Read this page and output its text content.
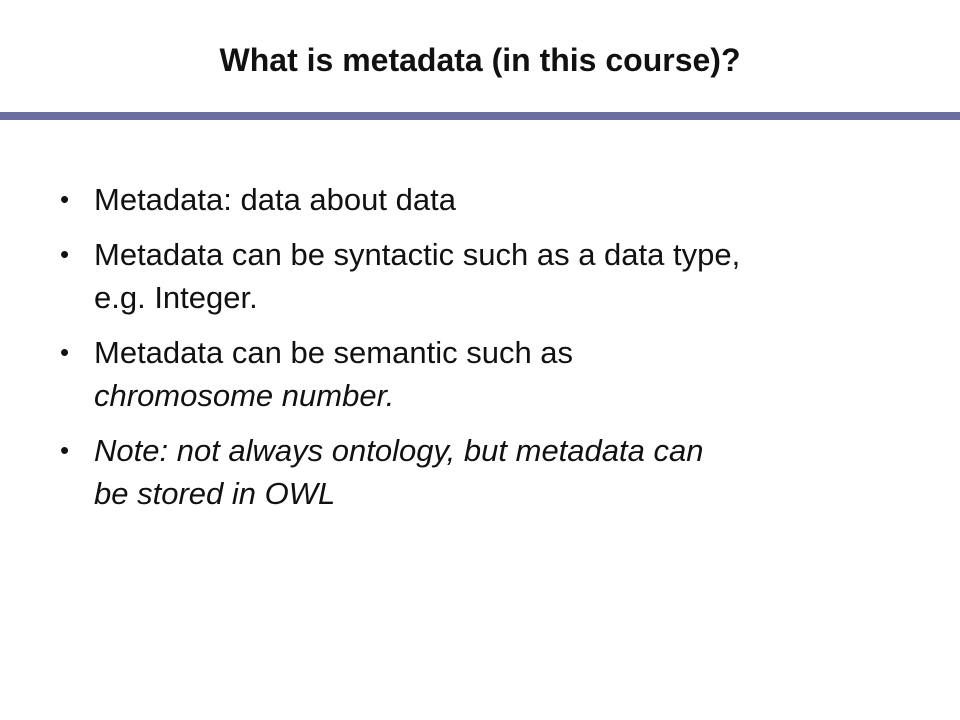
What is metadata (in this course)?
• Metadata: data about data
• Metadata can be syntactic such as a data type,
e.g. Integer.
• Metadata can be semantic such as
chromosome number.
• Note: not always ontology, but metadata can
be stored in OWL
